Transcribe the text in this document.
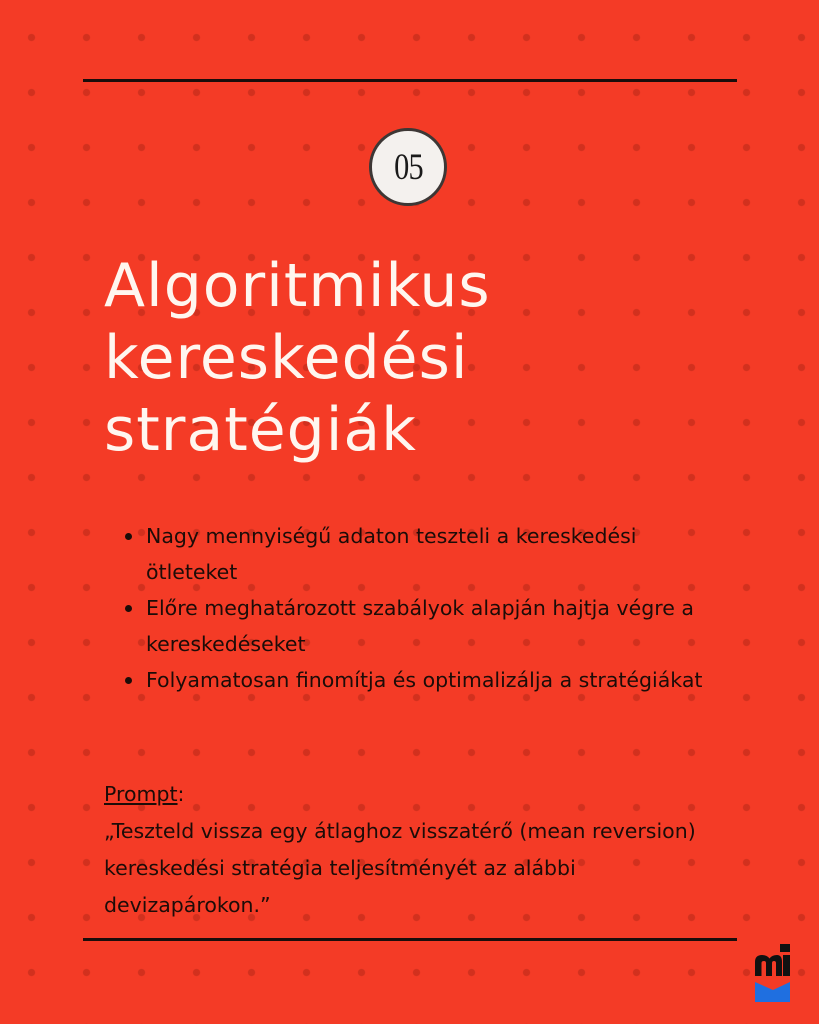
05
Algoritmikus
kereskedési
stratégiák
Nagy mennyiségű adaton teszteli a kereskedési ötleteket
Előre meghatározott szabályok alapján hajtja végre a kereskedéseket
Folyamatosan finomítja és optimalizálja a stratégiákat
Prompt:

„Teszteld vissza egy átlaghoz visszatérő (mean reversion) kereskedési stratégia teljesítményét az alábbi devizapárokon.”
